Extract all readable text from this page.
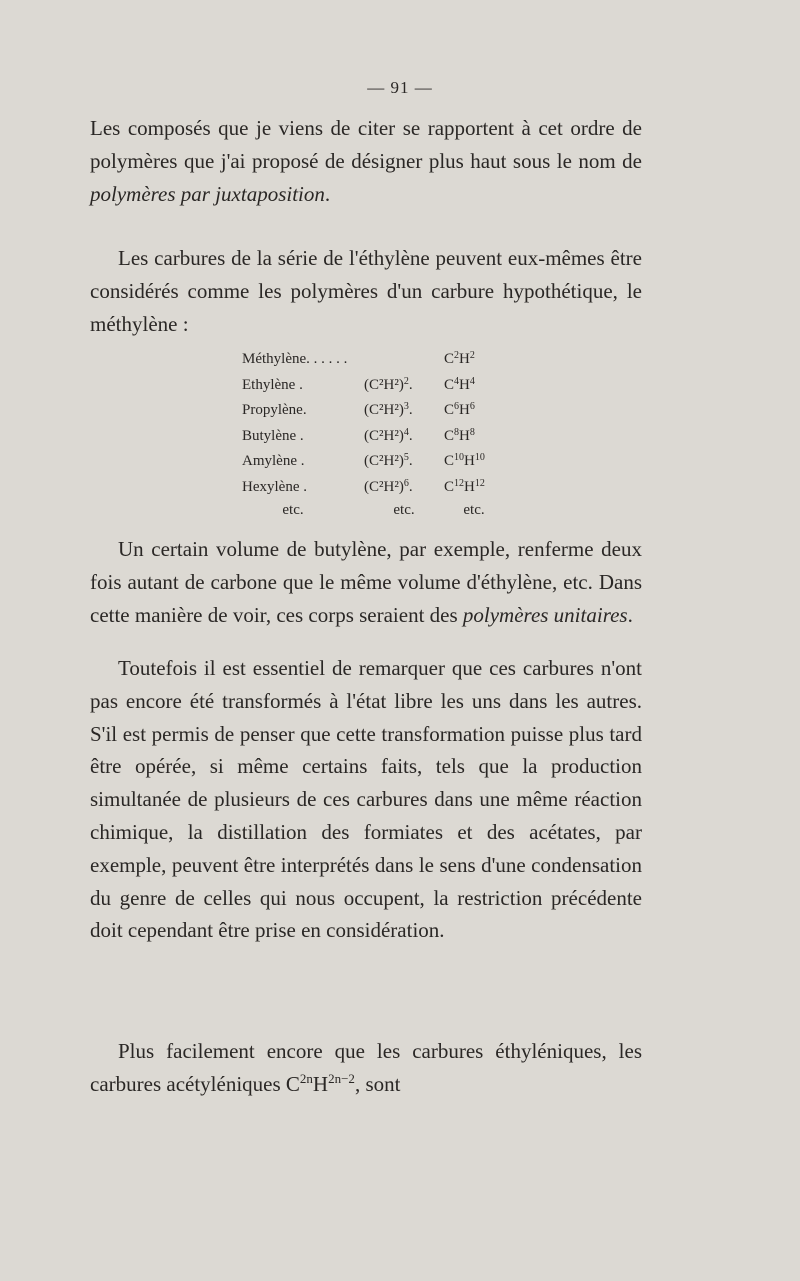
— 91 —

Les composés que je viens de citer se rapportent à cet ordre de polymères que j'ai proposé de désigner plus haut sous le nom de polymères par juxtaposition.

Les carbures de la série de l'éthylène peuvent eux-mêmes être considérés comme les polymères d'un carbure hypothétique, le méthylène :

Méthylène. . . . . .		$C^2H^2$
Ethylène .	$(C^2H^2)^2$.	$C^4H^4$
Propylène.	$(C^2H^2)^3$.	$C^6H^6$
Butylène .	$(C^2H^2)^4$.	$C^8H^8$
Amylène .	$(C^2H^2)^5$.	$C^{10}H^{10}$
Hexylène .	$(C^2H^2)^6$.	$C^{12}H^{12}$
etc.	etc.	etc.

Un certain volume de butylène, par exemple, renferme deux fois autant de carbone que le même volume d'éthylène, etc. Dans cette manière de voir, ces corps seraient des polymères unitaires.

Toutefois il est essentiel de remarquer que ces carbures n'ont pas encore été transformés à l'état libre les uns dans les autres. S'il est permis de penser que cette transformation puisse plus tard être opérée, si même certains faits, tels que la production simultanée de plusieurs de ces carbures dans une même réaction chimique, la distillation des formiates et des acétates, par exemple, peuvent être interprétés dans le sens d'une condensation du genre de celles qui nous occupent, la restriction précédente doit cependant être prise en considération.

Plus facilement encore que les carbures éthyléniques, les carbures acétyléniques $C^{2n}H^{2n-2}$, sont
